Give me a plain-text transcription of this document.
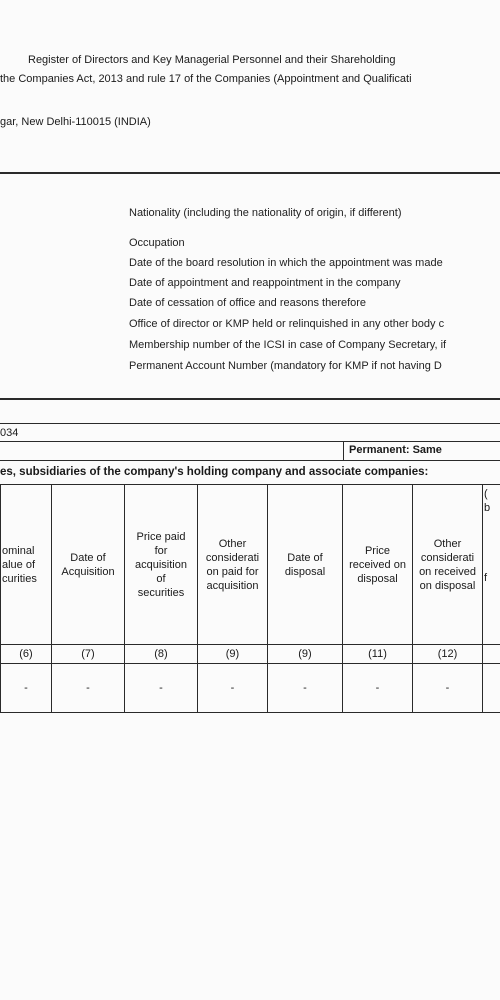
Register of Directors and Key Managerial Personnel and their Shareholding
the Companies Act, 2013 and rule 17 of the Companies (Appointment and Qualificati
gar, New Delhi-110015 (INDIA)
Nationality (including the nationality of origin, if different)
Occupation
Date of the board resolution in which the appointment was made
Date of appointment and reappointment in the company
Date of cessation of office and reasons therefore
Office of director or KMP held or relinquished in any other body c
Membership number of the ICSI in case of Company Secretary, if
Permanent Account Number (mandatory for KMP if not having D
034
Permanent: Same
es, subsidiaries of the company's holding company and associate companies:
ominal
alue of
curities	Date of
Acquisition	Price paid
for
acquisition
of
securities	Other
considerati
on paid for
acquisition	Date of
disposal	Price
received on
disposal	Other
considerati
on received
on disposal	(
b

f

(6)	(7)	(8)	(9)	(9)	(11)	(12)	
-	-	-	-	-	-	-	
